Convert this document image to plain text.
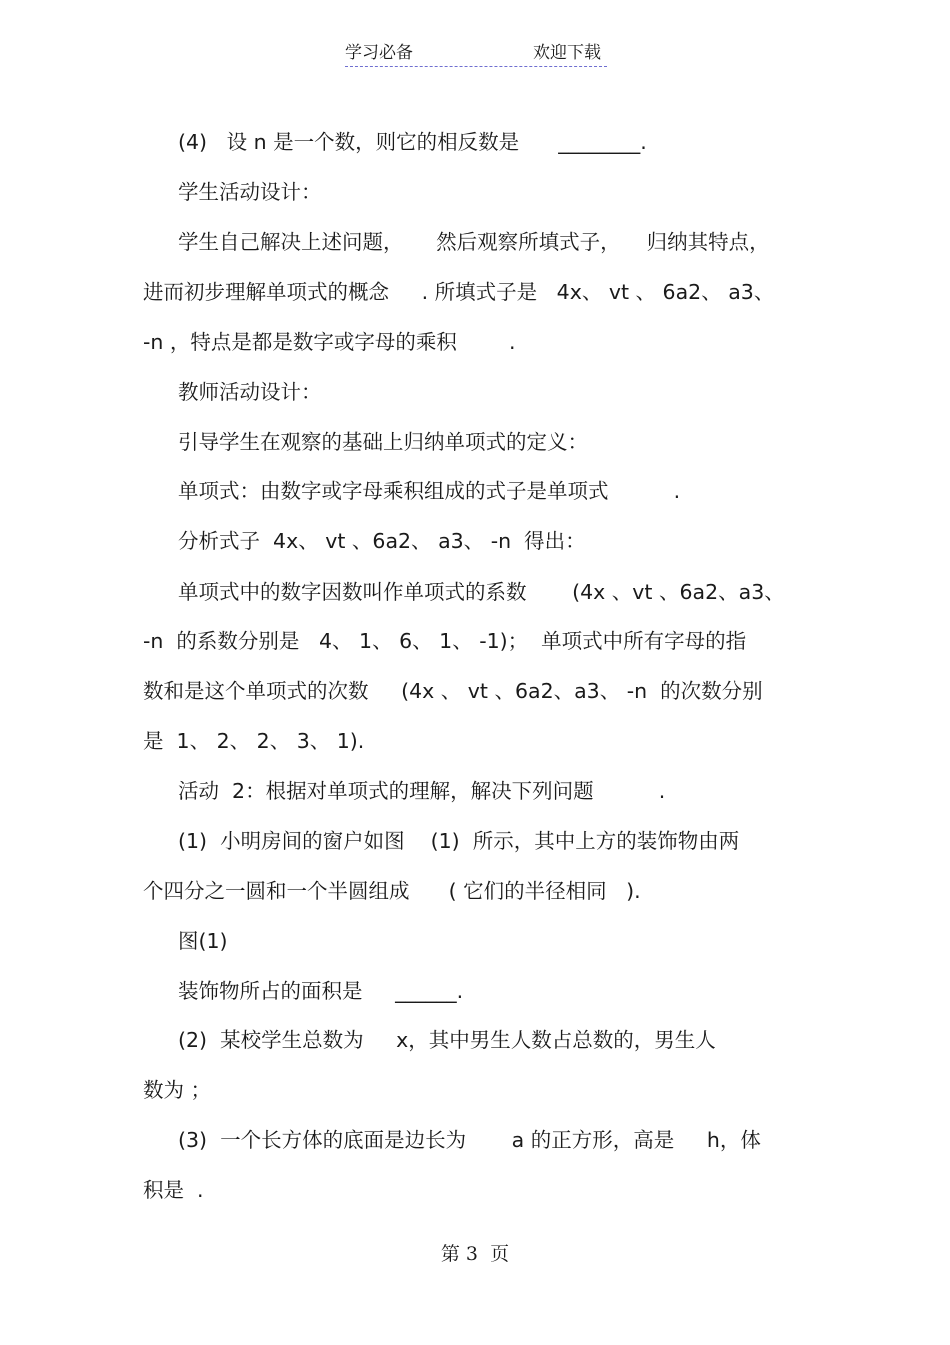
学习必备	欢迎下载
(4)   设 n 是一个数，则它的相反数是      ________.
学生活动设计：
学生自己解决上述问题，     然后观察所填式子，    归纳其特点，
进而初步理解单项式的概念     . 所填式子是   4x、 vt 、 6a2、 a3、
-n ，特点是都是数字或字母的乘积        .
教师活动设计：
引导学生在观察的基础上归纳单项式的定义：
单项式：由数字或字母乘积组成的式子是单项式          .
分析式子  4x、 vt 、6a2、 a3、 -n  得出：
单项式中的数字因数叫作单项式的系数       (4x 、vt 、6a2、a3、
-n  的系数分别是   4、 1、 6、 1、 -1)；  单项式中所有字母的指
数和是这个单项式的次数     (4x 、 vt 、6a2、a3、 -n  的次数分别
是  1、 2、 2、 3、 1).
活动  2：根据对单项式的理解，解决下列问题          .
(1)  小明房间的窗户如图    (1)  所示，其中上方的装饰物由两
个四分之一圆和一个半圆组成      ( 它们的半径相同   ).
图(1)
装饰物所占的面积是     ______.
(2)  某校学生总数为     x，其中男生人数占总数的，男生人
数为 ；
(3)  一个长方体的底面是边长为       a 的正方形，高是     h，体
积是  .
第 3  页
